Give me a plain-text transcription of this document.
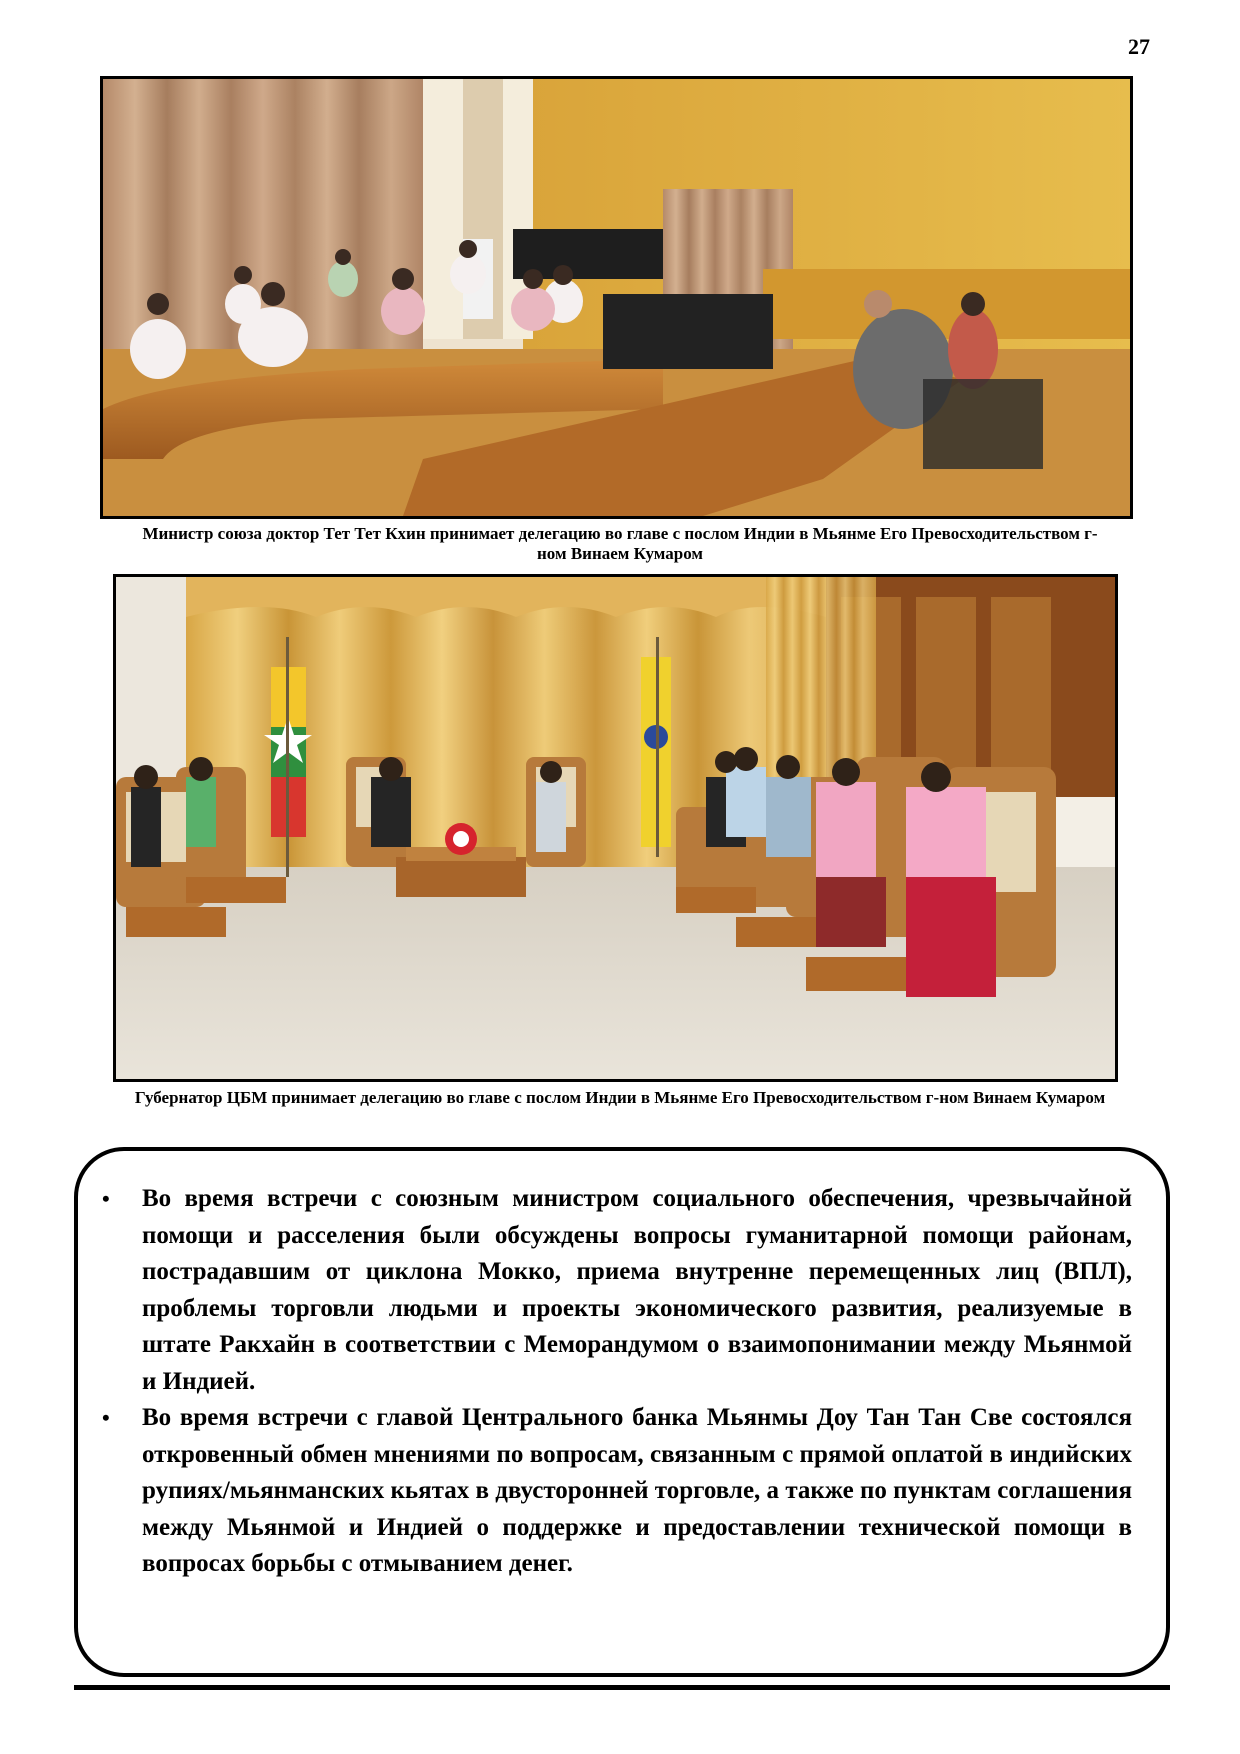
27
Министр союза доктор Тет Тет Кхин принимает делегацию во главе с послом Индии в Мьянме Его Превосходительством г-ном Винаем Кумаром
Губернатор ЦБМ принимает делегацию во главе с послом Индии в Мьянме Его Превосходительством г-ном Винаем Кумаром
• Во время встречи с союзным министром социального обеспечения, чрезвычайной помощи и расселения были обсуждены вопросы гуманитарной помощи районам, пострадавшим от циклона Мокко, приема внутренне перемещенных лиц (ВПЛ), проблемы торговли людьми и проекты экономического развития, реализуемые в штате Ракхайн в соответствии с Меморандумом о взаимопонимании между Мьянмой и Индией.
• Во время встречи с главой Центрального банка Мьянмы Доу Тан Тан Све состоялся откровенный обмен мнениями по вопросам, связанным с прямой оплатой в индийских рупиях/мьянманских кьятах в двусторонней торговле, а также по пунктам соглашения между Мьянмой и Индией о поддержке и предоставлении технической помощи в вопросах борьбы с отмыванием денег.
